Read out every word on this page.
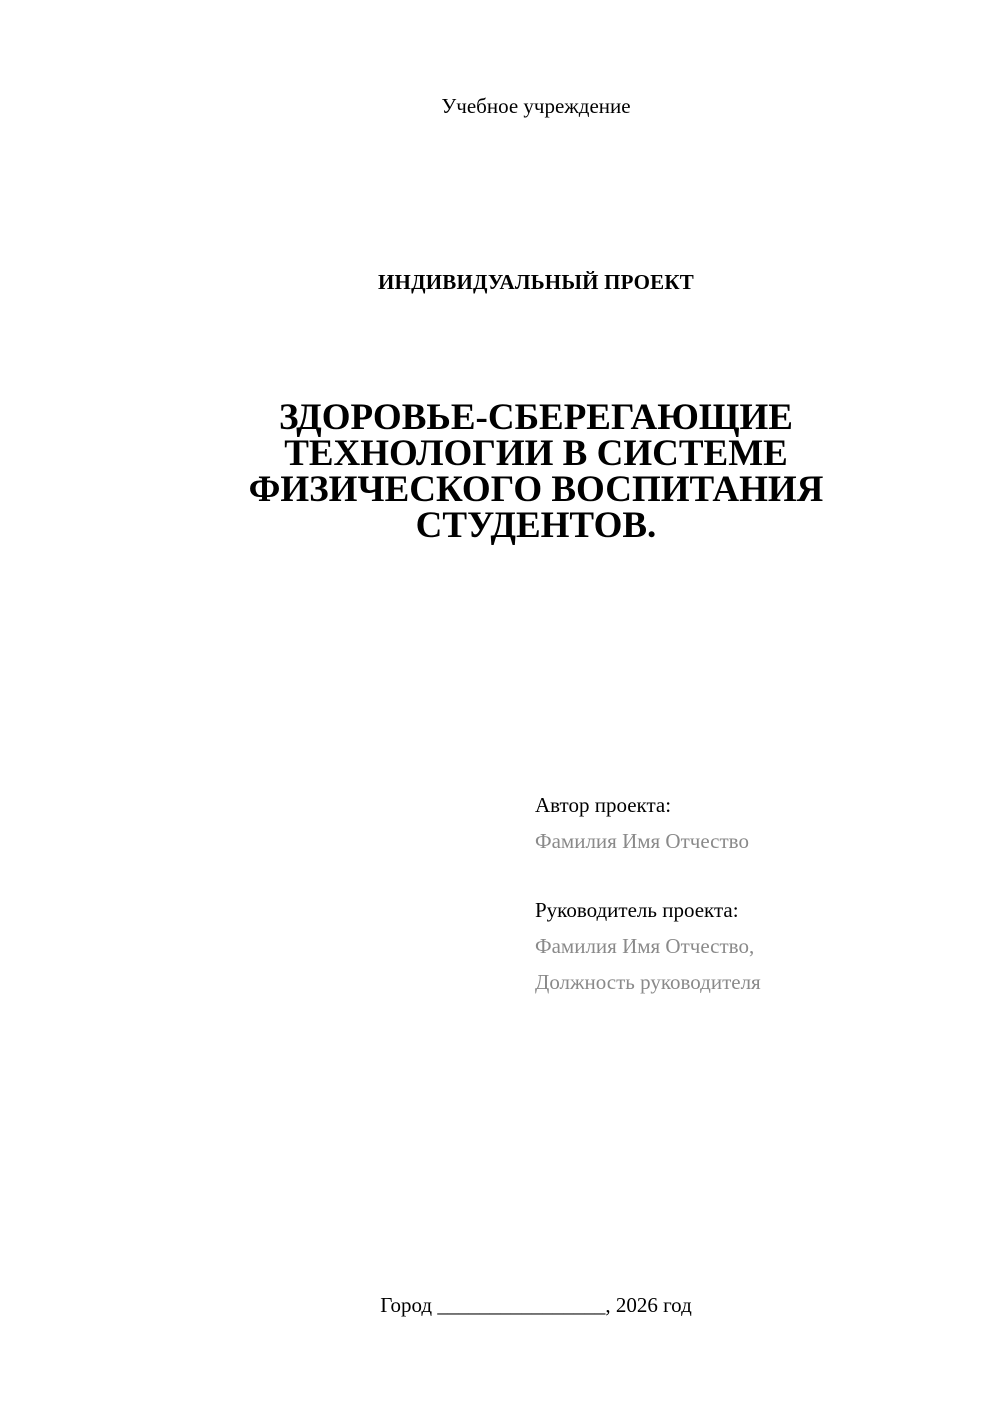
Учебное учреждение
ИНДИВИДУАЛЬНЫЙ ПРОЕКТ
ЗДОРОВЬЕ-СБЕРЕГАЮЩИЕ
ТЕХНОЛОГИИ В СИСТЕМЕ
ФИЗИЧЕСКОГО ВОСПИТАНИЯ
СТУДЕНТОВ.
Автор проекта:
Фамилия Имя Отчество
Руководитель проекта:
Фамилия Имя Отчество,
Должность руководителя
Город ________________, 2026 год
